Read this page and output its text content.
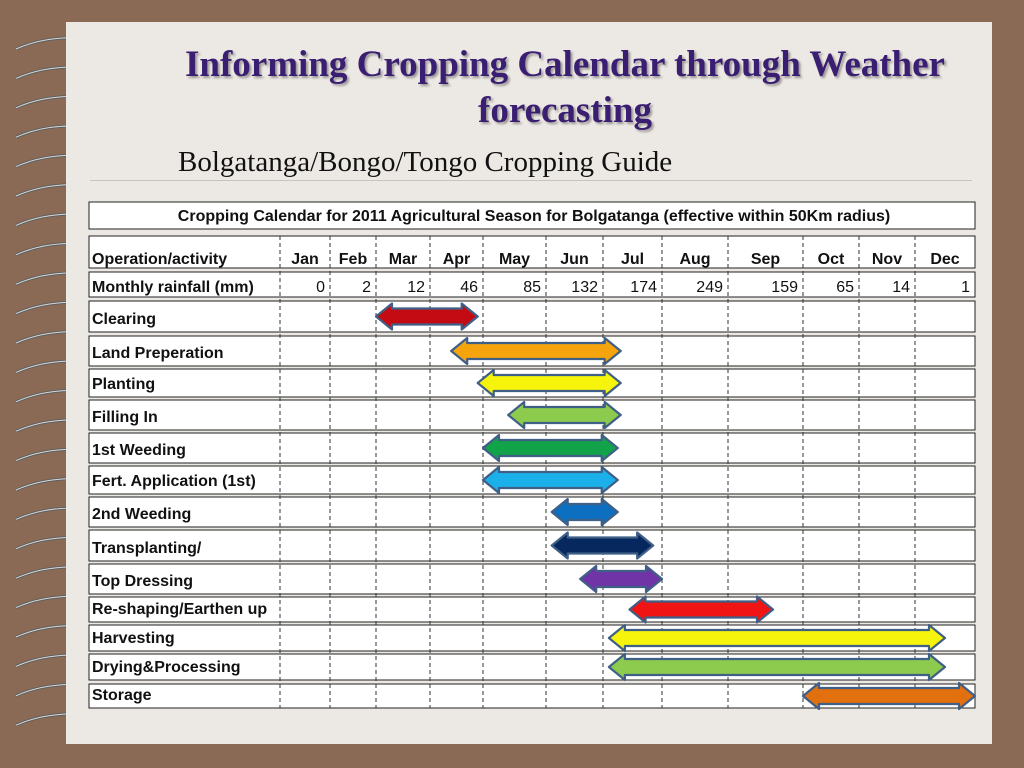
Informing Cropping Calendar through Weather forecasting
Bolgatanga/Bongo/Tongo Cropping Guide
Cropping Calendar for 2011 Agricultural Season for Bolgatanga (effective within 50Km radius)
Operation/activity	Jan Feb Mar Apr May Jun Jul Aug	Sep Oct Nov Dec
Monthly rainfall (mm)	0 2 12 46	85 132 174 249	159 65 14	1
Clearing
Land Preperation
Planting
Filling In
1st Weeding
Fert. Application (1st)
2nd Weeding
Transplanting/
Top Dressing
Re-shaping/Earthen up
Harvesting
Drying&Processing
Storage
